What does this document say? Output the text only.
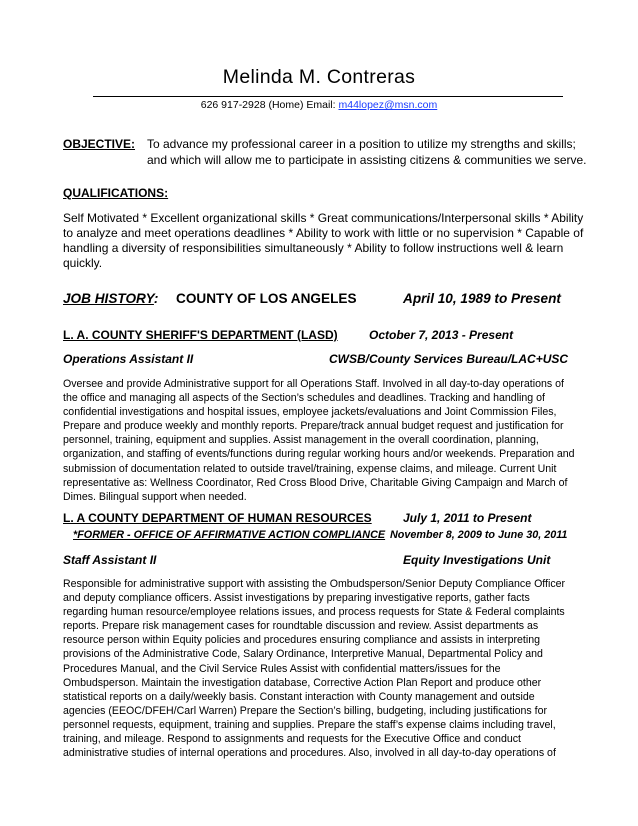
Melinda M. Contreras
626 917-2928 (Home) Email: m44lopez@msn.com
OBJECTIVE: To advance my professional career in a position to utilize my strengths and skills;
and which will allow me to participate in assisting citizens & communities we serve.
QUALIFICATIONS:
Self Motivated * Excellent organizational skills * Great communications/Interpersonal skills * Ability
to analyze and meet operations deadlines * Ability to work with little or no supervision * Capable of
handling a diversity of responsibilities simultaneously * Ability to follow instructions well & learn
quickly.
JOB HISTORY: COUNTY OF LOS ANGELES	April 10, 1989 to Present
L. A. COUNTY SHERIFF'S DEPARTMENT (LASD)	October 7, 2013 - Present
Operations Assistant II	CWSB/County Services Bureau/LAC+USC
Oversee and provide Administrative support for all Operations Staff. Involved in all day-to-day operations of
the office and managing all aspects of the Section’s schedules and deadlines. Tracking and handling of
confidential investigations and hospital issues, employee jackets/evaluations and Joint Commission Files,
Prepare and produce weekly and monthly reports. Prepare/track annual budget request and justification for
personnel, training, equipment and supplies. Assist management in the overall coordination, planning,
organization, and staffing of events/functions during regular working hours and/or weekends. Preparation and
submission of documentation related to outside travel/training, expense claims, and mileage. Current Unit
representative as: Wellness Coordinator, Red Cross Blood Drive, Charitable Giving Campaign and March of
Dimes. Bilingual support when needed.
L. A COUNTY DEPARTMENT OF HUMAN RESOURCES	July 1, 2011 to Present
*FORMER - OFFICE OF AFFIRMATIVE ACTION COMPLIANCE November 8, 2009 to June 30, 2011
Staff Assistant II	Equity Investigations Unit
Responsible for administrative support with assisting the Ombudsperson/Senior Deputy Compliance Officer
and deputy compliance officers. Assist investigations by preparing investigative reports, gather facts
regarding human resource/employee relations issues, and process requests for State & Federal complaints
reports. Prepare risk management cases for roundtable discussion and review. Assist departments as
resource person within Equity policies and procedures ensuring compliance and assists in interpreting
provisions of the Administrative Code, Salary Ordinance, Interpretive Manual, Departmental Policy and
Procedures Manual, and the Civil Service Rules Assist with confidential matters/issues for the
Ombudsperson. Maintain the investigation database, Corrective Action Plan Report and produce other
statistical reports on a daily/weekly basis. Constant interaction with County management and outside
agencies (EEOC/DFEH/Carl Warren) Prepare the Section’s billing, budgeting, including justifications for
personnel requests, equipment, training and supplies. Prepare the staff’s expense claims including travel,
training, and mileage. Respond to assignments and requests for the Executive Office and conduct
administrative studies of internal operations and procedures. Also, involved in all day-to-day operations of
